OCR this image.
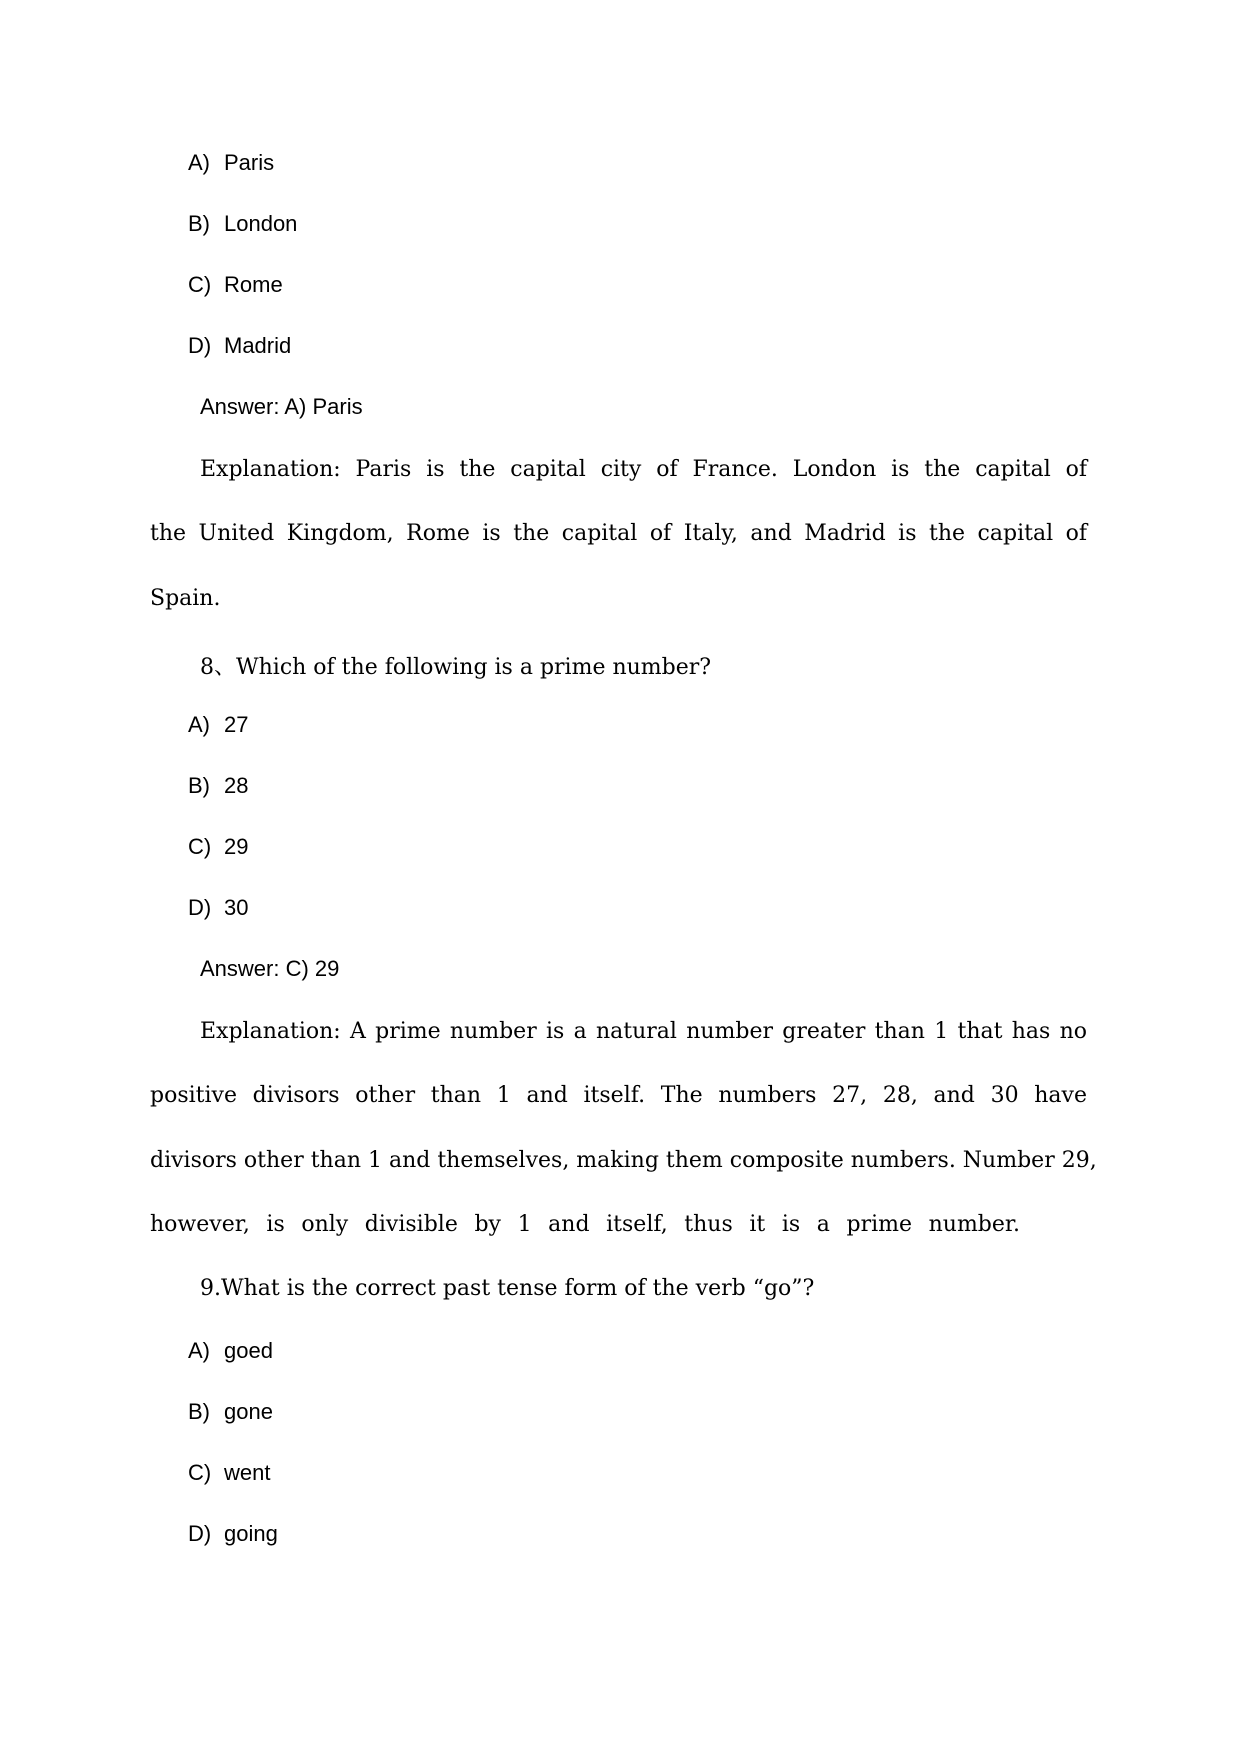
A) Paris
B) London
C) Rome
D) Madrid
Answer: A) Paris
Explanation: Paris is the capital city of France. London is the capital of
the United Kingdom, Rome is the capital of Italy, and Madrid is the capital of
Spain.
8、Which of the following is a prime number?
A) 27
B) 28
C) 29
D) 30
Answer: C) 29
Explanation: A prime number is a natural number greater than 1 that has no
positive divisors other than 1 and itself. The numbers 27, 28, and 30 have
divisors other than 1 and themselves, making them composite numbers. Number 29,
however, is only divisible by 1 and itself, thus it is a prime number.
9.What is the correct past tense form of the verb “go”?
A) goed
B) gone
C) went
D) going
